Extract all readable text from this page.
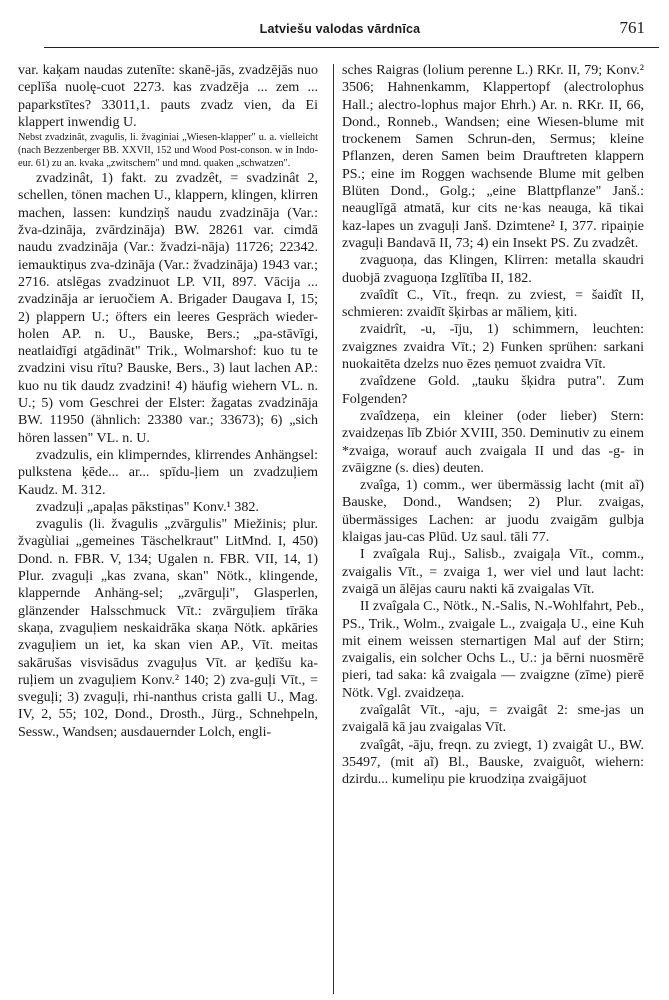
Latviešu valodas vārdnīca	761

var. kaķam naudas zutenīte: skanē-jās, zvadzējās nuo ceplīša nuolę-cuot 2273. kas zvadzēja ... zem ... paparkstītes? 33011,1. pauts zvadz vien, da Ei klappert inwendig U.

Nebst zvadzinât, zvagulis, li. žvaginiai „Wiesen-klapper" u. a. vielleicht (nach Bezzenberger BB. XXVII, 152 und Wood Post-conson. w in Indo-eur. 61) zu an. kvaka „zwitschern" und mnd. quaken „schwatzen".

zvadzinât, 1) fakt. zu zvadzêt, = svadzinât 2, schellen, tönen machen U., klappern, klingen, klirren machen, lassen: kundziņš naudu zvadzināja (Var.: žva-dzināja, zvārdzināja) BW. 28261 var. cimdā naudu zvadzināja (Var.: žvadzi-nāja) 11726; 22342. iemauktiņus zva-dzināja (Var.: žvadzināja) 1943 var.; 2716. atslēgas zvadzinuot LP. VII, 897. Vācija ... zvadzināja ar ieruočiem A. Brigader Daugava I, 15; 2) plappern U.; öfters ein leeres Gespräch wieder-holen AP. n. U., Bauske, Bers.; „pa-stāvīgi, neatlaidīgi atgādināt" Trik., Wolmarshof: kuo tu te zvadzini visu rītu? Bauske, Bers., 3) laut lachen AP.: kuo nu tik daudz zvadzini! 4) häufig wiehern VL. n. U.; 5) vom Geschrei der Elster: žagatas zvadzināja BW. 11950 (ähnlich: 23380 var.; 33673); 6) „sich hören lassen" VL. n. U.

zvadzulis, ein klimperndes, klirrendes Anhängsel: pulkstena ķēde... ar... spīdu-ļiem un zvadzuļiem Kaudz. M. 312.

zvadzuļi „apaļas pākstiņas" Konv.¹ 382.

zvagulis (li. žvagulis „zvārgulis" Miežinis; plur. žvagùliai „gemeines Täschelkraut" LitMnd. I, 450) Dond. n. FBR. V, 134; Ugalen n. FBR. VII, 14, 1) Plur. zvaguļi „kas zvana, skan" Nötk., klingende, klappernde Anhäng-sel; „zvārguļi", Glasperlen, glänzender Halsschmuck Vīt.: zvārguļiem tīrāka skaņa, zvaguļiem neskaidrāka skaņa Nötk. apkāries zvaguļiem un iet, ka skan vien AP., Vīt. meitas sakārušas visvisādus zvaguļus Vīt. ar ķedīšu ka-ruļiem un zvaguļiem Konv.² 140; 2) zva-guļi Vīt., = sveguļi; 3) zvaguļi, rhi-nanthus crista galli U., Mag. IV, 2, 55; 102, Dond., Drosth., Jürg., Schnehpeln, Sessw., Wandsen; ausdauernder Lolch, engli-

sches Raigras (lolium perenne L.) RKr. II, 79; Konv.² 3506; Hahnenkamm, Klappertopf (alectrolophus Hall.; alectro-lophus major Ehrh.) Ar. n. RKr. II, 66, Dond., Ronneb., Wandsen; eine Wiesen-blume mit trockenem Samen Schrun-den, Sermus; kleine Pflanzen, deren Samen beim Drauftreten klappern PS.; eine im Roggen wachsende Blume mit gelben Blüten Dond., Golg.; „eine Blattpflanze" Janš.: neauglīgā atmatā, kur cits ne·kas neauga, kā tikai kaz-lapes un zvaguļi Janš. Dzimtene² I, 377. ripaiņie zvaguļi Bandavā II, 73; 4) ein Insekt PS. Zu zvadzêt.

zvaguoņa, das Klingen, Klirren: metalla skaudri duobjā zvaguoņa Izglītība II, 182.

zvaîdît C., Vīt., freqn. zu zviest, = šaidît II, schmieren: zvaidīt šķirbas ar māliem, ķiti.

zvaidrît, -u, -īju, 1) schimmern, leuchten: zvaigznes zvaidra Vīt.; 2) Funken sprühen: sarkani nuokaitēta dzelzs nuo ēzes ņemuot zvaidra Vīt.

zvaîdzene Gold. „tauku šķidra putra". Zum Folgenden?

zvaîdzeņa, ein kleiner (oder lieber) Stern: zvaidzeņas līb Zbiór XVIII, 350. Deminutiv zu einem *zvaiga, worauf auch zvaigala II und das -g- in zvāigzne (s. dies) deuten.

zvaîga, 1) comm., wer übermässig lacht (mit aĩ) Bauske, Dond., Wandsen; 2) Plur. zvaigas, übermässiges Lachen: ar juodu zvaigām gulbja klaigas jau-cas Plūd. Uz saul. tāli 77.

I zvaîgala Ruj., Salisb., zvaigaļa Vīt., comm., zvaigalis Vīt., = zvaiga 1, wer viel und laut lacht: zvaigā un ālējas cauru nakti kā zvaigalas Vīt.

II zvaîgala C., Nötk., N.-Salis, N.-Wohlfahrt, Peb., PS., Trik., Wolm., zvaigale L., zvaigaļa U., eine Kuh mit einem weissen sternartigen Mal auf der Stirn; zvaigalis, ein solcher Ochs L., U.: ja bērni nuosmērē pieri, tad saka: kâ zvaigala — zvaigzne (zīme) pierē Nötk. Vgl. zvaidzeņa.

zvaîgalât Vīt., -aju, = zvaigât 2: sme-jas un zvaigalā kā jau zvaigalas Vīt.

zvaîgât, -āju, freqn. zu zviegt, 1) zvaigât U., BW. 35497, (mit aĩ) Bl., Bauske, zvaiguôt, wiehern: dzirdu... kumeliņu pie kruodziņa zvaigājuot
